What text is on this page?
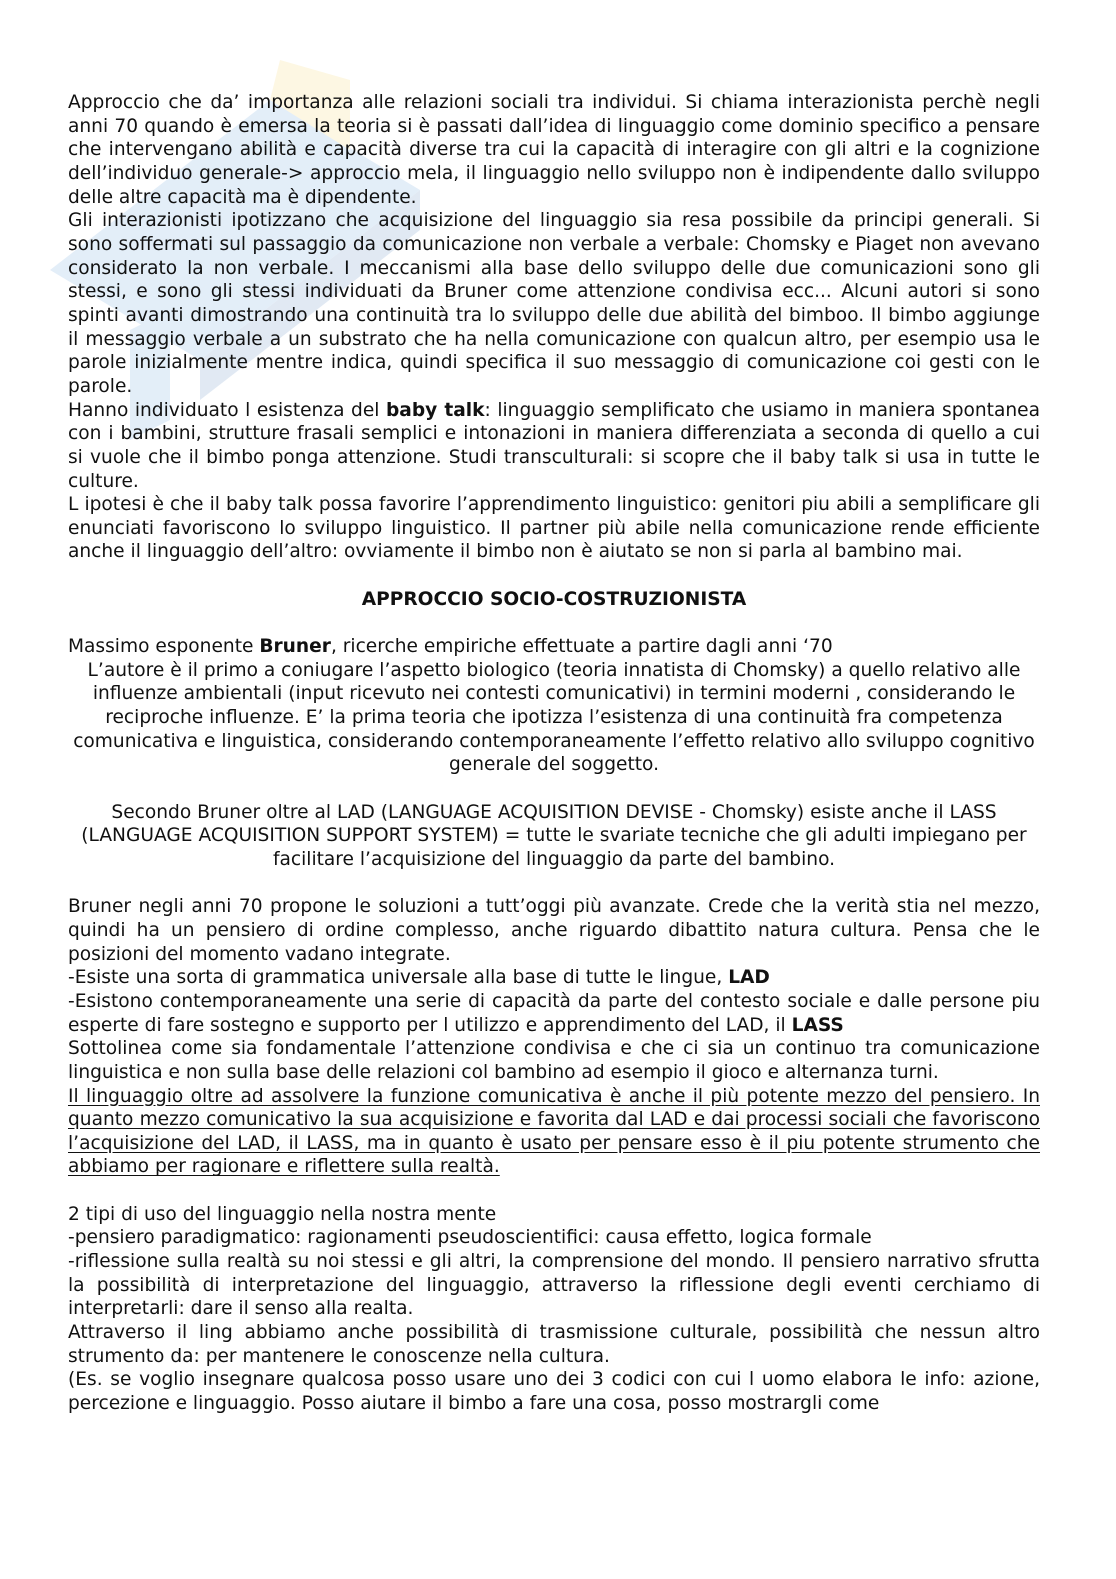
Approccio che da’ importanza alle relazioni sociali tra individui. Si chiama interazionista perchè negli anni 70 quando è emersa la teoria si è passati dall’idea di linguaggio come dominio specifico a pensare che intervengano abilità e capacità diverse tra cui la capacità di interagire con gli altri e la cognizione dell’individuo generale-> approccio mela, il linguaggio nello sviluppo non è indipendente dallo sviluppo delle altre capacità ma è dipendente.

Gli interazionisti ipotizzano che acquisizione del linguaggio sia resa possibile da principi generali. Si sono soffermati sul passaggio da comunicazione non verbale a verbale: Chomsky e Piaget non avevano considerato la non verbale. I meccanismi alla base dello sviluppo delle due comunicazioni sono gli stessi, e sono gli stessi individuati da Bruner come attenzione condivisa ecc... Alcuni autori si sono spinti avanti dimostrando una continuità tra lo sviluppo delle due abilità del bimboo. Il bimbo aggiunge il messaggio verbale a un substrato che ha nella comunicazione con qualcun altro, per esempio usa le parole inizialmente mentre indica, quindi specifica il suo messaggio di comunicazione coi gesti con le parole.

Hanno individuato l esistenza del baby talk: linguaggio semplificato che usiamo in maniera spontanea con i bambini, strutture frasali semplici e intonazioni in maniera differenziata a seconda di quello a cui si vuole che il bimbo ponga attenzione. Studi transculturali: si scopre che il baby talk si usa in tutte le culture.

L ipotesi è che il baby talk possa favorire l’apprendimento linguistico: genitori piu abili a semplificare gli enunciati favoriscono lo sviluppo linguistico. Il partner più abile nella comunicazione rende efficiente anche il linguaggio dell’altro: ovviamente il bimbo non è aiutato se non si parla al bambino mai.

APPROCCIO SOCIO-COSTRUZIONISTA

Massimo esponente Bruner, ricerche empiriche effettuate a partire dagli anni ‘70

L’autore è il primo a coniugare l’aspetto biologico (teoria innatista di Chomsky) a quello relativo alle influenze ambientali (input ricevuto nei contesti comunicativi) in termini moderni , considerando le reciproche influenze. E’ la prima teoria che ipotizza l’esistenza di una continuità fra competenza comunicativa e linguistica, considerando contemporaneamente l’effetto relativo allo sviluppo cognitivo generale del soggetto.

Secondo Bruner oltre al LAD (LANGUAGE ACQUISITION DEVISE - Chomsky) esiste anche il LASS (LANGUAGE ACQUISITION SUPPORT SYSTEM) = tutte le svariate tecniche che gli adulti impiegano per facilitare l’acquisizione del linguaggio da parte del bambino.

Bruner negli anni 70 propone le soluzioni a tutt’oggi più avanzate. Crede che la verità stia nel mezzo, quindi ha un pensiero di ordine complesso, anche riguardo dibattito natura cultura. Pensa che le posizioni del momento vadano integrate.

-Esiste una sorta di grammatica universale alla base di tutte le lingue, LAD

-Esistono contemporaneamente una serie di capacità da parte del contesto sociale e dalle persone piu esperte di fare sostegno e supporto per l utilizzo e apprendimento del LAD, il LASS

Sottolinea come sia fondamentale l’attenzione condivisa e che ci sia un continuo tra comunicazione linguistica e non sulla base delle relazioni col bambino ad esempio il gioco e alternanza turni.

Il linguaggio oltre ad assolvere la funzione comunicativa è anche il più potente mezzo del pensiero. In quanto mezzo comunicativo la sua acquisizione e favorita dal LAD e dai processi sociali che favoriscono l’acquisizione del LAD, il LASS, ma in quanto è usato per pensare esso è il piu potente strumento che abbiamo per ragionare e riflettere sulla realtà.

2 tipi di uso del linguaggio nella nostra mente

-pensiero paradigmatico: ragionamenti pseudoscientifici: causa effetto, logica formale

-riflessione sulla realtà su noi stessi e gli altri, la comprensione del mondo. Il pensiero narrativo sfrutta la possibilità di interpretazione del linguaggio, attraverso la riflessione degli eventi cerchiamo di interpretarli: dare il senso alla realta.

Attraverso il ling abbiamo anche possibilità di trasmissione culturale, possibilità che nessun altro strumento da: per mantenere le conoscenze nella cultura.

(Es. se voglio insegnare qualcosa posso usare uno dei 3 codici con cui l uomo elabora le info: azione, percezione e linguaggio. Posso aiutare il bimbo a fare una cosa, posso mostrargli come
